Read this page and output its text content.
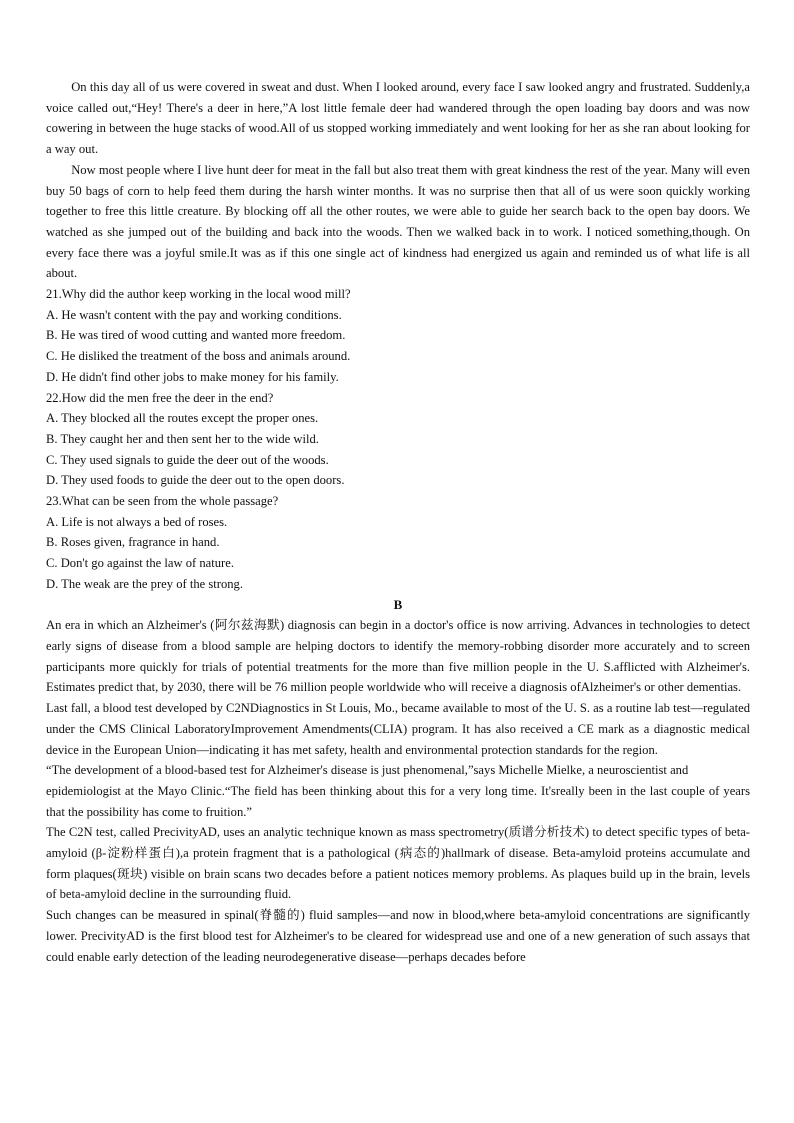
On this day all of us were covered in sweat and dust. When I looked around, every face I saw looked angry and frustrated. Suddenly,a voice called out,“Hey! There's a deer in here,”A lost little female deer had wandered through the open loading bay doors and was now cowering in between the huge stacks of wood.All of us stopped working immediately and went looking for her as she ran about looking for a way out.

Now most people where I live hunt deer for meat in the fall but also treat them with great kindness the rest of the year. Many will even buy 50 bags of corn to help feed them during the harsh winter months. It was no surprise then that all of us were soon quickly working together to free this little creature. By blocking off all the other routes, we were able to guide her search back to the open bay doors. We watched as she jumped out of the building and back into the woods. Then we walked back in to work. I noticed something,though. On every face there was a joyful smile.It was as if this one single act of kindness had energized us again and reminded us of what life is all about.

21.Why did the author keep working in the local wood mill?

A. He wasn't content with the pay and working conditions.

B. He was tired of wood cutting and wanted more freedom.

C. He disliked the treatment of the boss and animals around.

D. He didn't find other jobs to make money for his family.

22.How did the men free the deer in the end?

A. They blocked all the routes except the proper ones.

B. They caught her and then sent her to the wide wild.

C. They used signals to guide the deer out of the woods.

D. They used foods to guide the deer out to the open doors.

23.What can be seen from the whole passage?

A. Life is not always a bed of roses.

B. Roses given, fragrance in hand.

C. Don't go against the law of nature.

D. The weak are the prey of the strong.

B

An era in which an Alzheimer's (阿尔兹海默) diagnosis can begin in a doctor's office is now arriving. Advances in technologies to detect early signs of disease from a blood sample are helping doctors to identify the memory-robbing disorder more accurately and to screen participants more quickly for trials of potential treatments for the more than five million people in the U. S.afflicted with Alzheimer's. Estimates predict that, by 2030, there will be 76 million people worldwide who will receive a diagnosis ofAlzheimer's or other dementias.

Last fall, a blood test developed by C2NDiagnostics in St Louis, Mo., became available to most of the U. S. as a routine lab test—regulated under the CMS Clinical LaboratoryImprovement Amendments(CLIA) program. It has also received a CE mark as a diagnostic medical device in the European Union—indicating it has met safety, health and environmental protection standards for the region.

“The development of a blood-based test for Alzheimer's disease is just phenomenal,”says Michelle Mielke, a neuroscientist and

epidemiologist at the Mayo Clinic.“The field has been thinking about this for a very long time. It'sreally been in the last couple of years that the possibility has come to fruition.”

The C2N test, called PrecivityAD, uses an analytic technique known as mass spectrometry(质谱分析技术) to detect specific types of beta-amyloid (β-淀粉样蛋白),a protein fragment that is a pathological (病态的)hallmark of disease. Beta-amyloid proteins accumulate and form plaques(斑块) visible on brain scans two decades before a patient notices memory problems. As plaques build up in the brain, levels of beta-amyloid decline in the surrounding fluid.

Such changes can be measured in spinal(脊髓的) fluid samples—and now in blood,where beta-amyloid concentrations are significantly lower. PrecivityAD is the first blood test for Alzheimer's to be cleared for widespread use and one of a new generation of such assays that could enable early detection of the leading neurodegenerative disease—perhaps decades before
